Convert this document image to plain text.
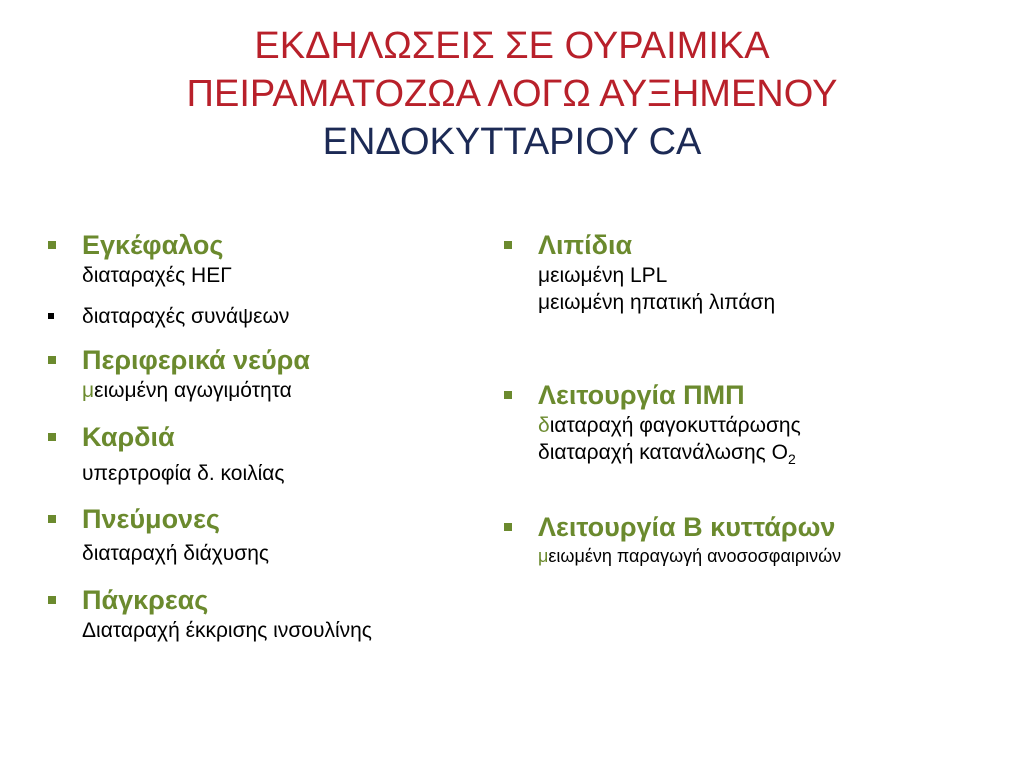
ΕΚΔΗΛΩΣΕΙΣ ΣΕ ΟΥΡΑΙΜΙΚΑ
ΠΕΙΡΑΜΑΤΟΖΩΑ ΛΟΓΩ ΑΥΞΗΜΕΝΟΥ
ΕΝΔΟΚΥΤΤΑΡΙΟΥ CA
Εγκέφαλος
διαταραχές ΗΕΓ
διαταραχές συνάψεων
Περιφερικά νεύρα
μειωμένη αγωγιμότητα
Καρδιά
υπερτροφία δ. κοιλίας
Πνεύμονες
διαταραχή διάχυσης
Πάγκρεας
Διαταραχή έκκρισης ινσουλίνης
Λιπίδια
μειωμένη LPL
μειωμένη ηπατική λιπάση
Λειτουργία ΠΜΠ
διαταραχή φαγοκυττάρωσης
διαταραχή κατανάλωσης $O_2$
Λειτουργία Β κυττάρων
μειωμένη παραγωγή ανοσοσφαιρινών
